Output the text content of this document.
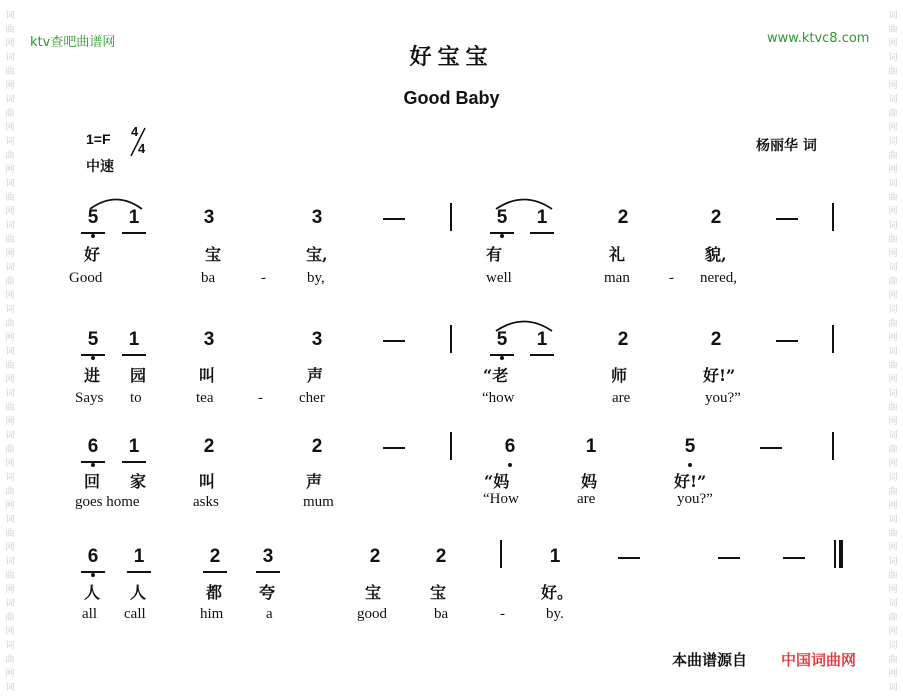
词
曲
网
词
曲
网
词
曲
网
词
曲
网
词
曲
网
词
曲
网
词
曲
网
词
曲
网
词
曲
网
词
曲
网
词
曲
网
词
曲
网
词
曲
网
词
曲
网
词
曲
网
词
曲
网
词
词
曲
网
词
曲
网
词
曲
网
词
曲
网
词
曲
网
词
曲
网
词
曲
网
词
曲
网
词
曲
网
词
曲
网
词
曲
网
词
曲
网
词
曲
网
词
曲
网
词
曲
网
词
曲
网
词
ktv查吧曲谱网	www.ktvc8.com
好宝宝
Good Baby
1=F 4
4
中速
杨丽华 词
5 1	3	3	5 1	2	2
好	宝	宝,	有	礼	貌,
Good	ba	-	by,	well	man	- nered,
5 1	3	3	5 1	2	2
进 园	叫	声	“老	师	好!”
Says to	tea	- cher	“how	are	you?”
6 1	2	2	6	1	5
回 家	叫	声	“妈	妈	好!”
goes home	asks	mum	“How	are	you?”
6 1	2 3	2	2	1
人 人	都 夸	宝	宝	好。
all call	him	a	good	ba	-	by.
本曲谱源自 中国词曲网
